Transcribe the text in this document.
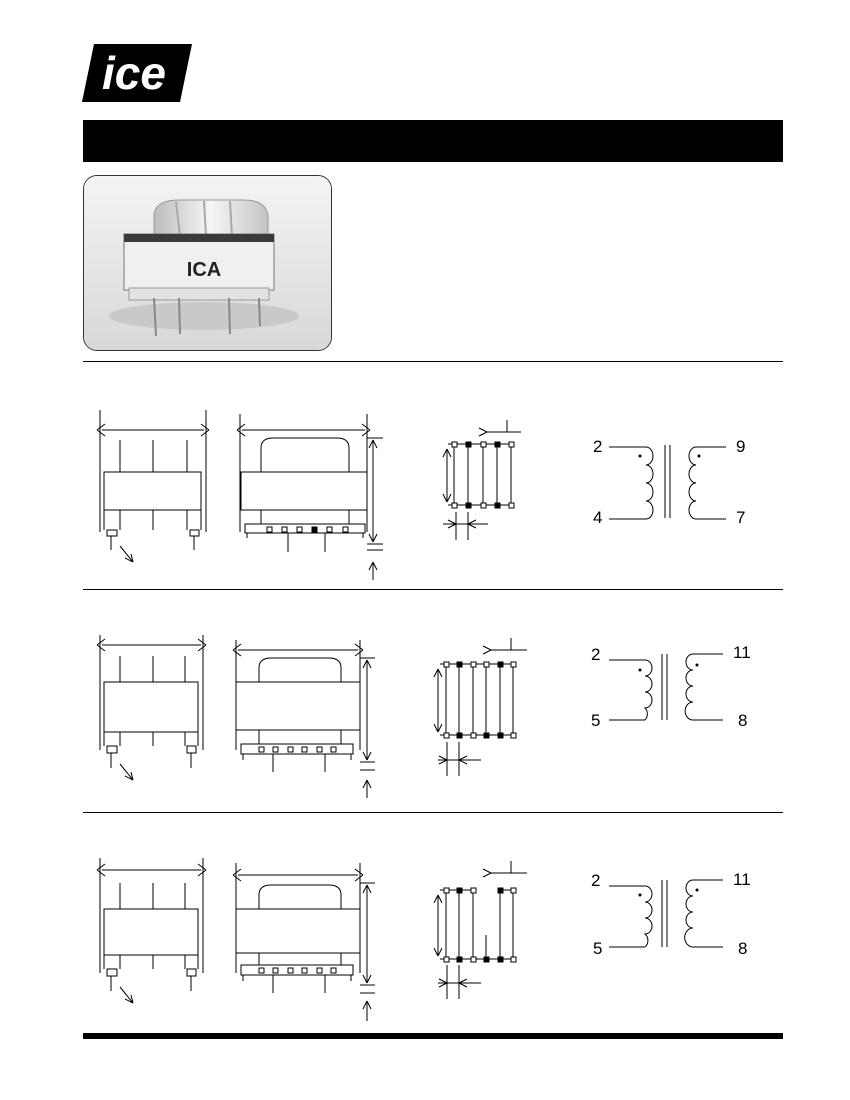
ice
ICA
2	9
4	7
2	11
5	8
2	11
5	8
